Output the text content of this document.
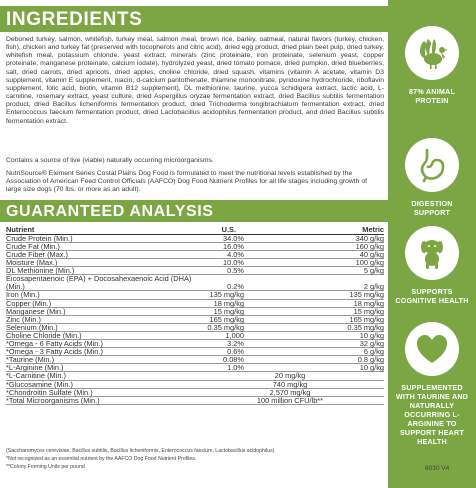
INGREDIENTS

Deboned turkey, salmon, whitefish, turkey meal, salmon meal, brown rice, barley, oatmeal, natural flavors (turkey, chicken, fish), chicken and turkey fat (preserved with tocopherols and citric acid), dried egg product, dried plain beet pulp, dried turkey, whitefish meal, potassium chloride, yeast extract, minerals (zinc proteinate, iron proteinate, selenium yeast, copper proteinate, manganese proteinate, calcium iodate), hydrolyzed yeast, dried tomato pomace, dried pumpkin, dried blueberries, salt, dried carrots, dried apricots, dried apples, choline chloride, dried squash, vitamins (vitamin A acetate, vitamin D3 supplement, vitamin E supplement, niacin, d-calcium pantothenate, thiamine mononitrate, pyridoxine hydrochloride, riboflavin supplement, folic acid, biotin, vitamin B12 supplement), DL methionine, taurine, yucca schidigera extract, lactic acid, L-carnitine, rosemary extract, yeast culture, dried Aspergillus oryzae fermentation extract, dried Bacillus subtilis fermentation product, dried Bacillus licheniformis fermentation product, dried Trichoderma longibrachiatum fermentation extract, dried Enterococcus faecium fermentation product, dried Lactobacillus acidophilus fermentation product, and dried Bacillus subtilis fermentation extract.

Contains a source of live (viable) naturally occurring microorganisms.

NutriSource® Element Series Costal Plains Dog Food is formulated to meet the nutritional levels established by the Association of American Feed Control Officials (AAFCO) Dog Food Nutrient Profiles for all life stages including growth of large size dogs (70 lbs. or more as an adult).

GUARANTEED ANALYSIS
Nutrient	U.S.	Metric
Crude Protein (Min.)	34.0%	340 g/kg
Crude Fat (Min.)	16.0%	160 g/kg
Crude Fiber (Max.)	4.0%	40 g/kg
Moisture (Max.)	10.0%	100 g/kg
DL Methionine (Min.)	0.5%	5 g/kg
Eicosapentaenoic (EPA) + Docosahexaenoic Acid (DHA) (Min.)	0.2%	2 g/kg
Iron (Min.)	135 mg/kg	135 mg/kg
Copper (Min.)	18 mg/kg	18 mg/kg
Manganese (Min.)	15 mg/kg	15 mg/kg
Zinc (Min.)	165 mg/kg	165 mg/kg
Selenium (Min.)	0.35 mg/kg	0.35 mg/kg
Choline Chloride (Min.)	1,000	10 g/kg
*Omega - 6 Fatty Acids (Min.)	3.2%	32 g/kg
*Omega - 3 Fatty Acids (Min.)	0.6%	6 g/kg
*Taurine (Min.)	0.08%	0.8 g/kg
*L-Arginine (Min.)	1.0%	10 g/kg
*L-Carnitine (Min.)	20 mg/kg
*Glucosamine (Min.)	740 mg/kg
*Chondroitin Sulfate (Min.)	2,570 mg/kg
*Total Microorganisms (Min.)	100 million CFU/lb**
(Saccharomyces cerevisiae, Bacillus subtilis, Bacillus licheniformis, Enterococcus faecium, Lactobacillus acidophilus)
*Not recognized as an essential nutrient by the AAFCO Dog Food Nutrient Profiles.
**Colony Forming Units per pound
87% ANIMAL PROTEIN
DIGESTION SUPPORT
SUPPORTS COGNITIVE HEALTH
SUPPLEMENTED WITH TAURINE AND NATURALLY OCCURRING L-ARGININE TO SUPPORT HEART HEALTH
6030 V4
